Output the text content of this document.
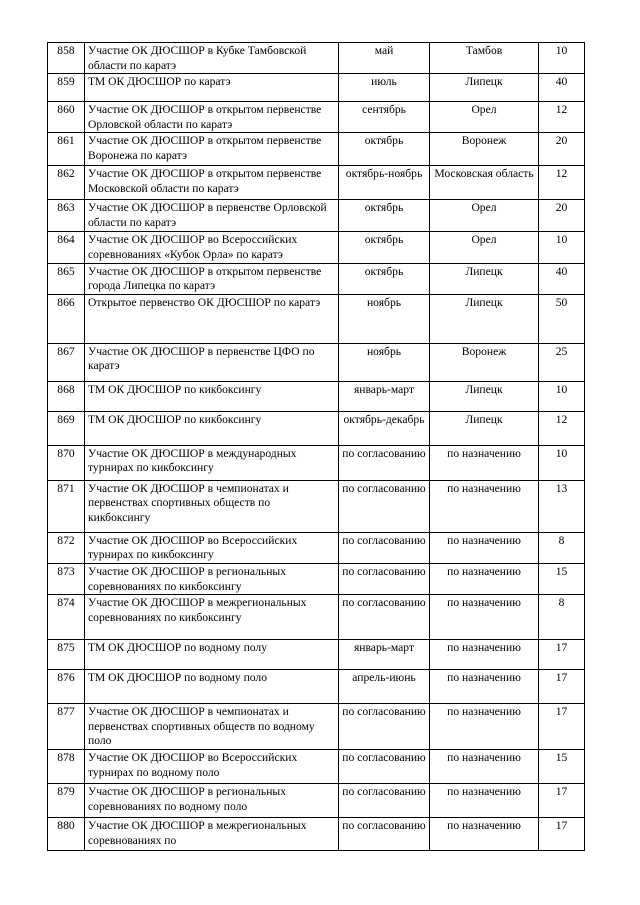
858	Участие ОК ДЮСШОР в Кубке Тамбовской области по каратэ	май	Тамбов	10
859	ТМ ОК ДЮСШОР по каратэ	июль	Липецк	40
860	Участие ОК ДЮСШОР в открытом первенстве Орловской области по каратэ	сентябрь	Орел	12
861	Участие ОК ДЮСШОР в открытом первенстве Воронежа по каратэ	октябрь	Воронеж	20
862	Участие ОК ДЮСШОР в открытом первенстве Московской области по каратэ	октябрь-ноябрь	Московская область	12
863	Участие ОК ДЮСШОР в первенстве Орловской области по каратэ	октябрь	Орел	20
864	Участие ОК ДЮСШОР во Всероссийских соревнованиях «Кубок Орла» по каратэ	октябрь	Орел	10
865	Участие ОК ДЮСШОР в открытом первенстве города Липецка по каратэ	октябрь	Липецк	40
866	Открытое первенство ОК ДЮСШОР по каратэ	ноябрь	Липецк	50
867	Участие ОК ДЮСШОР в первенстве ЦФО по каратэ	ноябрь	Воронеж	25
868	ТМ ОК ДЮСШОР по кикбоксингу	январь-март	Липецк	10
869	ТМ ОК ДЮСШОР по кикбоксингу	октябрь-декабрь	Липецк	12
870	Участие ОК ДЮСШОР в международных турнирах по кикбоксингу	по согласованию	по назначению	10
871	Участие ОК ДЮСШОР в чемпионатах и первенствах спортивных обществ по кикбоксингу	по согласованию	по назначению	13
872	Участие ОК ДЮСШОР во Всероссийских турнирах по кикбоксингу	по согласованию	по назначению	8
873	Участие ОК ДЮСШОР в региональных соревнованиях по кикбоксингу	по согласованию	по назначению	15
874	Участие ОК ДЮСШОР в межрегиональных соревнованиях по кикбоксингу	по согласованию	по назначению	8
875	ТМ ОК ДЮСШОР по водному полу	январь-март	по назначению	17
876	ТМ ОК ДЮСШОР по водному поло	апрель-июнь	по назначению	17
877	Участие ОК ДЮСШОР в чемпионатах и первенствах спортивных обществ по водному поло	по согласованию	по назначению	17
878	Участие ОК ДЮСШОР во Всероссийских турнирах по водному поло	по согласованию	по назначению	15
879	Участие ОК ДЮСШОР в региональных соревнованиях по водному поло	по согласованию	по назначению	17
880	Участие ОК ДЮСШОР в межрегиональных соревнованиях по	по согласованию	по назначению	17
